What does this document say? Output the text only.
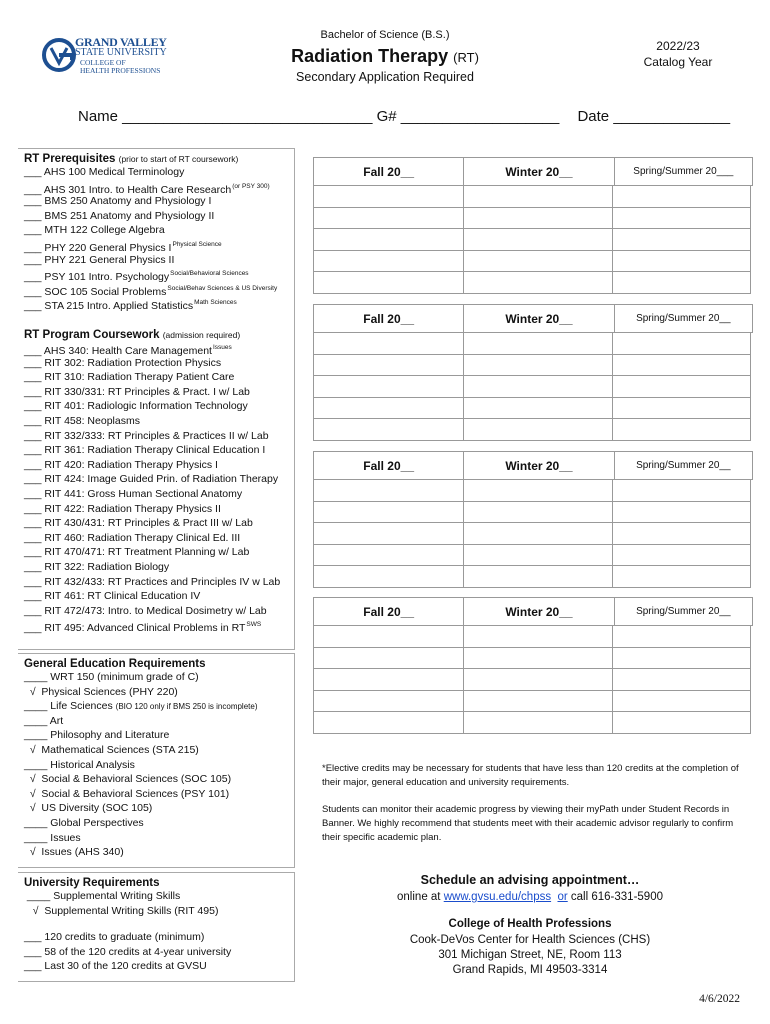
GRAND VALLEY
STATE UNIVERSITY
COLLEGE OF
HEALTH PROFESSIONS
Bachelor of Science (B.S.)
Radiation Therapy (RT)
Secondary Application Required
2022/23
Catalog Year
Name ______________________________ G# ___________________ Date ______________
RT Prerequisites (prior to start of RT coursework)
___ AHS 100 Medical Terminology
___ AHS 301 Intro. to Health Care Research$^{(or PSY 300)}$
___ BMS 250 Anatomy and Physiology I
___ BMS 251 Anatomy and Physiology II
___ MTH 122 College Algebra
___ PHY 220 General Physics $I^{Physical Science}$
___ PHY 221 General Physics II
___ PSY 101 Intro. Psychology$^{Social/Behavioral Sciences}$
___ SOC 105 Social Problems$^{Social/Behav Sciences \& US Diversity}$
___ STA 215 Intro. Applied Statistics$^{Math Sciences}$
RT Program Coursework (admission required)
___ AHS 340: Health Care Management$^{Issues}$
___ RIT 302: Radiation Protection Physics
___ RIT 310: Radiation Therapy Patient Care
___ RIT 330/331: RT Principles & Pract. I w/ Lab
___ RIT 401: Radiologic Information Technology
___ RIT 458: Neoplasms
___ RIT 332/333: RT Principles & Practices II w/ Lab
___ RIT 361: Radiation Therapy Clinical Education I
___ RIT 420: Radiation Therapy Physics I
___ RIT 424: Image Guided Prin. of Radiation Therapy
___ RIT 441: Gross Human Sectional Anatomy
___ RIT 422: Radiation Therapy Physics II
___ RIT 430/431: RT Principles & Pract III w/ Lab
___ RIT 460: Radiation Therapy Clinical Ed. III
___ RIT 470/471: RT Treatment Planning w/ Lab
___ RIT 322: Radiation Biology
___ RIT 432/433: RT Practices and Principles IV w Lab
___ RIT 461: RT Clinical Education IV
___ RIT 472/473: Intro. to Medical Dosimetry w/ Lab
___ RIT 495: Advanced Clinical Problems in $RT^{SWS}$
General Education Requirements
____ WRT 150 (minimum grade of C)
√  Physical Sciences (PHY 220)
____ Life Sciences (BIO 120 only if BMS 250 is incomplete)
____ Art
____ Philosophy and Literature
√  Mathematical Sciences (STA 215)
____ Historical Analysis
√  Social & Behavioral Sciences (SOC 105)
√  Social & Behavioral Sciences (PSY 101)
√  US Diversity (SOC 105)
____ Global Perspectives
____ Issues
√  Issues (AHS 340)
University Requirements
____ Supplemental Writing Skills
√  Supplemental Writing Skills (RIT 495)
___ 120 credits to graduate (minimum)
___ 58 of the 120 credits at 4-year university
___ Last 30 of the 120 credits at GVSU
Fall 20__	Winter 20__	Spring/Summer 20___
Fall 20__	Winter 20__	Spring/Summer 20__
Fall 20__	Winter 20__	Spring/Summer 20__
Fall 20__	Winter 20__	Spring/Summer 20__
*Elective credits may be necessary for students that have less than 120 credits at the completion of their major, general education and university requirements.
Students can monitor their academic progress by viewing their myPath under Student Records in Banner. We highly recommend that students meet with their academic advisor regularly to confirm their specific academic plan.
Schedule an advising appointment…
online at www.gvsu.edu/chpss or call 616-331-5900
College of Health Professions
Cook-DeVos Center for Health Sciences (CHS)
301 Michigan Street, NE, Room 113
Grand Rapids, MI 49503-3314
4/6/2022
